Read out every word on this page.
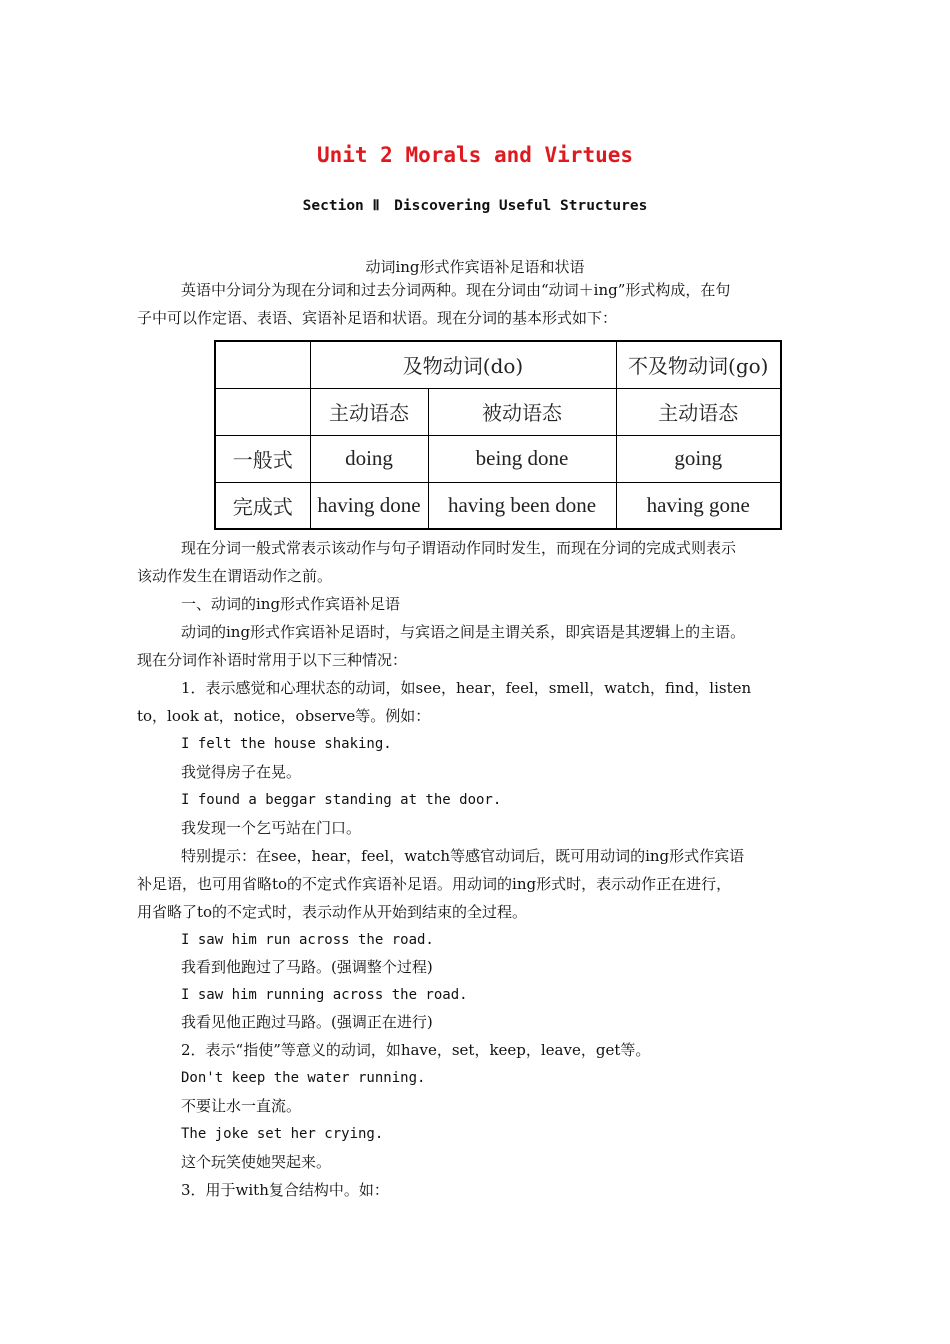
Unit 2 Morals and Virtues
Section Ⅱ　Discovering Useful Structures
动词ing形式作宾语补足语和状语
英语中分词分为现在分词和过去分词两种。现在分词由“动词＋ing”形式构成，在句
子中可以作定语、表语、宾语补足语和状语。现在分词的基本形式如下：
	及物动词(do)		不及物动词(go)
	主动语态	被动语态	主动语态
一般式	doing	being done	going
完成式	having done	having been done	having gone
现在分词一般式常表示该动作与句子谓语动作同时发生，而现在分词的完成式则表示
该动作发生在谓语动作之前。
一、动词的ing形式作宾语补足语
动词的ing形式作宾语补足语时，与宾语之间是主谓关系，即宾语是其逻辑上的主语。
现在分词作补语时常用于以下三种情况：
1．表示感觉和心理状态的动词，如see，hear，feel，smell，watch，find，listen
to，look at，notice，observe等。例如：
I felt the house shaking.
我觉得房子在晃。
I found a beggar standing at the door.
我发现一个乞丐站在门口。
特别提示：在see，hear，feel，watch等感官动词后，既可用动词的ing形式作宾语
补足语，也可用省略to的不定式作宾语补足语。用动词的ing形式时，表示动作正在进行，
用省略了to的不定式时，表示动作从开始到结束的全过程。
I saw him run across the road.
我看到他跑过了马路。(强调整个过程)
I saw him running across the road.
我看见他正跑过马路。(强调正在进行)
2．表示“指使”等意义的动词，如have，set，keep，leave，get等。
Don't keep the water running.
不要让水一直流。
The joke set her crying.
这个玩笑使她哭起来。
3．用于with复合结构中。如：
